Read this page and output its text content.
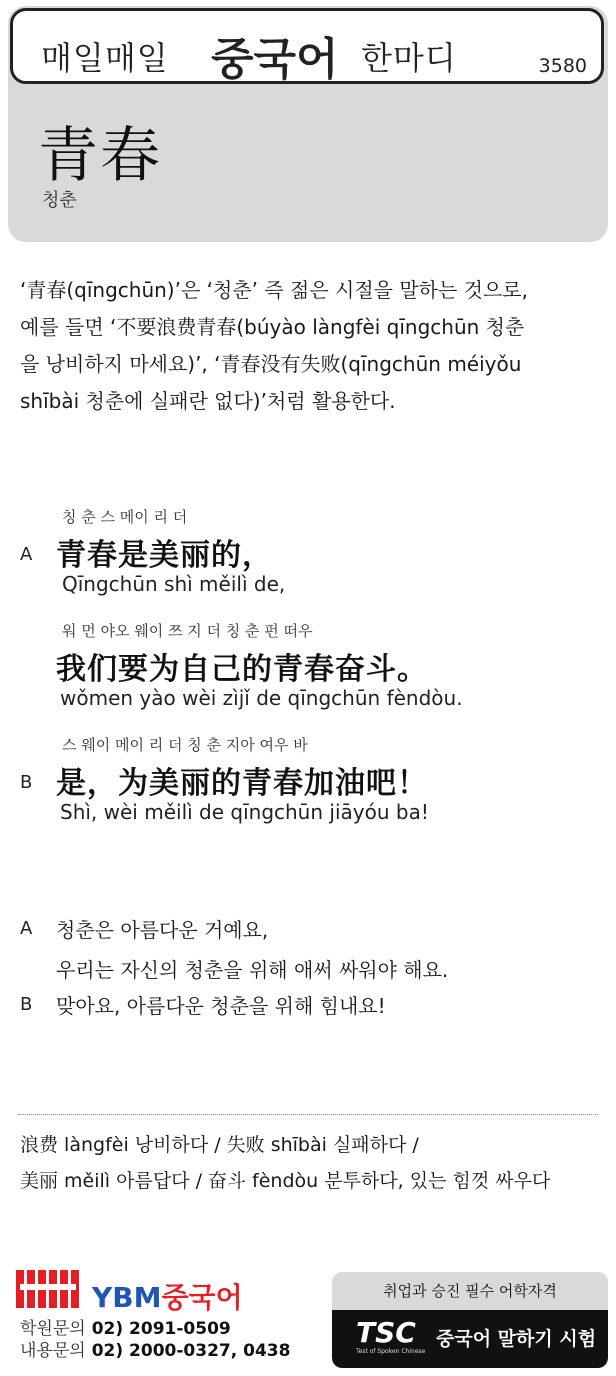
매일매일 중국어 한마디	3580
青春
청춘

‘青春(qīngchūn)’은 ‘청춘’ 즉 젊은 시절을 말하는 것으로,

예를 들면 ‘不要浪费青春(búyào làngfèi qīngchūn 청춘

을 낭비하지 마세요)’, ‘青春没有失败(qīngchūn méiyǒu

shībài 청춘에 실패란 없다)’처럼 활용한다.

A
칭 춘 스 메이 리 더
青春是美丽的，
Qīngchūn shì měilì de,
워 먼 야오 웨이 쯔 지 더 칭 춘 펀 떠우
我们要为自己的青春奋斗。
wǒmen yào wèi zìjǐ de qīngchūn fèndòu.
B
스 웨이 메이 리 더 칭 춘 지아 여우 바
是，为美丽的青春加油吧！
Shì, wèi měilì de qīngchūn jiāyóu ba!
A 청춘은 아름다운 거예요,
우리는 자신의 청춘을 위해 애써 싸워야 해요.
B 맞아요, 아름다운 청춘을 위해 힘내요!
浪费 làngfèi 낭비하다 / 失败 shībài 실패하다 /
美丽 měilì 아름답다 / 奋斗 fèndòu 분투하다, 있는 힘껏 싸우다
YBM중국어
학원문의 02) 2091-0509
내용문의 02) 2000-0327, 0438
취업과 승진 필수 어학자격
TSC
Test of Spoken Chinese
중국어 말하기 시험
